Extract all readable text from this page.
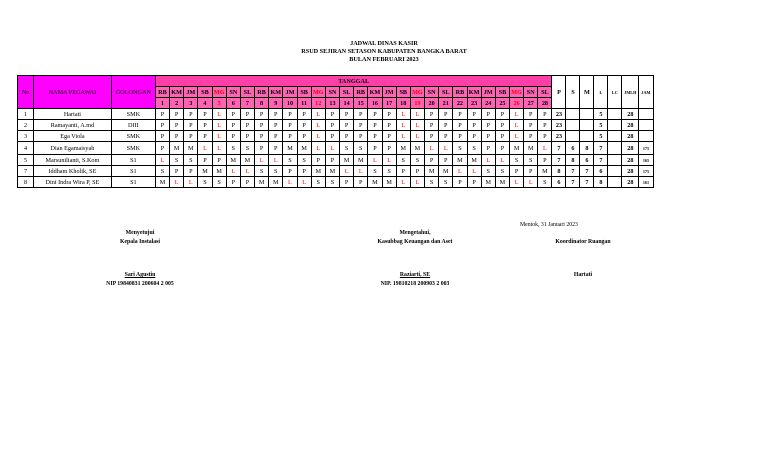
JADWAL DINAS KASIR
RSUD SEJIRAN SETASON KABUPATEN BANGKA BARAT
BULAN FEBRUARI 2023
No	NAMA PEGAWAI	GOLONGAN	TANGGAL																												P	S	M	L	LC	JMLH	JAM
			RB	KM	JM	SB	MG	SN	SL	RB	KM	JM	SB	MG	SN	SL	RB	KM	JM	SB	MG	SN	SL	RB	KM	JM	SB	MG	SN	SL							
			1	2	3	4	5	6	7	8	9	10	11	12	13	14	15	16	17	18	19	20	21	22	23	24	25	26	27	28							
1	Hartati	SMK	P	P	P	P	L	P	P	P	P	P	P	L	P	P	P	P	P	L	L	P	P	P	P	P	P	L	P	P	23			5		28	
2	Ramayanti, A.md	DIII	P	P	P	P	L	P	P	P	P	P	P	L	P	P	P	P	P	L	L	P	P	P	P	P	P	L	P	P	23			5		28	
3	Ega Viola	SMK	P	P	P	P	L	P	P	P	P	P	P	L	P	P	P	P	P	L	L	P	P	P	P	P	P	L	P	P	23			5		28	
4	Dian Egamaisyah	SMK	P	M	M	L	L	S	S	P	P	M	M	L	L	S	S	P	P	M	M	L	L	S	S	P	P	M	M	L	7	6	8	7		28	175
5	Marsunilianti, S.Kom	S1	L	S	S	P	P	M	M	L	L	S	S	P	P	M	M	L	L	S	S	P	P	M	M	L	L	S	S	P	7	8	6	7		28	165
7	Iddham Kholik, SE	S1	S	P	P	M	M	L	L	S	S	P	P	M	M	L	L	S	S	P	P	M	M	L	L	S	S	P	P	M	8	7	7	6		28	175
8	Dini Indra Wira P, SE	S1	M	L	L	S	S	P	P	M	M	L	L	S	S	P	P	M	M	L	L	S	S	P	P	M	M	L	L	S	6	7	7	8		28	161
Mentok, 31 Januari 2023
Menyetujui
Kepala Instalasi
Sari Agustin
NIP 19840831 200604 2 005
Mengetahui,
Kasubbag Keuangan dan Aset
Raziarti, SE
NIP. 19810218 200903 2 003
Koordinator Ruangan
Hartati
